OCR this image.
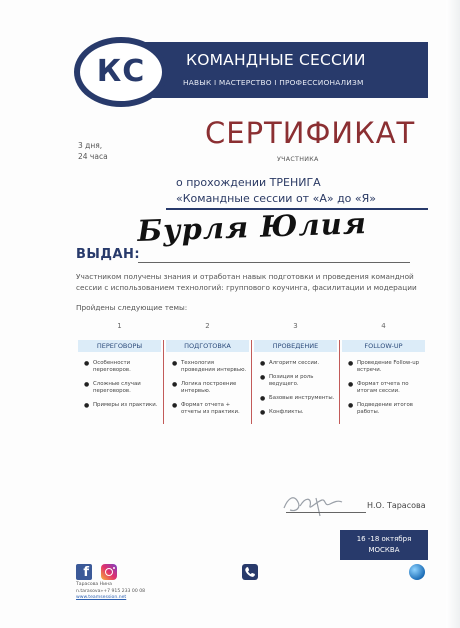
КОМАНДНЫЕ СЕССИИ
НАВЫК I МАСТЕРСТВО I ПРОФЕССИОНАЛИЗМ
КС
3 дня,
24 часа
СЕРТИФИКАТ
УЧАСТНИКА
о прохождении ТРЕНИГА
«Командные сессии от «А» до «Я»
ВЫДАН:
Бурля Юлия
Участником получены знания и отработан навык подготовки и проведения командной
сессии с использованием технологий: группового коучинга, фасилитации и модерации
Пройдены следующие темы:
1
ПЕРЕГОВОРЫ
● Особенности переговоров.
● Сложные случаи переговоров.
● Примеры из практики.
2
ПОДГОТОВКА
● Технология проведения интервью.
● Логика построение интервью.
● Формат отчета + отчеты из практики.
3
ПРОВЕДЕНИЕ
● Алгоритм сессии.
● Позиция и роль ведущего.
● Базовые инструменты.
● Конфликты.
4
FOLLOW-UP
● Проведение Follow-up встречи.
● Формат отчета по итогам сессии.
● Подведение итогов работы.
Н.О. Тарасова
16 -18 октября
МОСКВА
f
Тарасова Нина
n.tarasova»+7 915 233 00 08
www.teamsession.net
